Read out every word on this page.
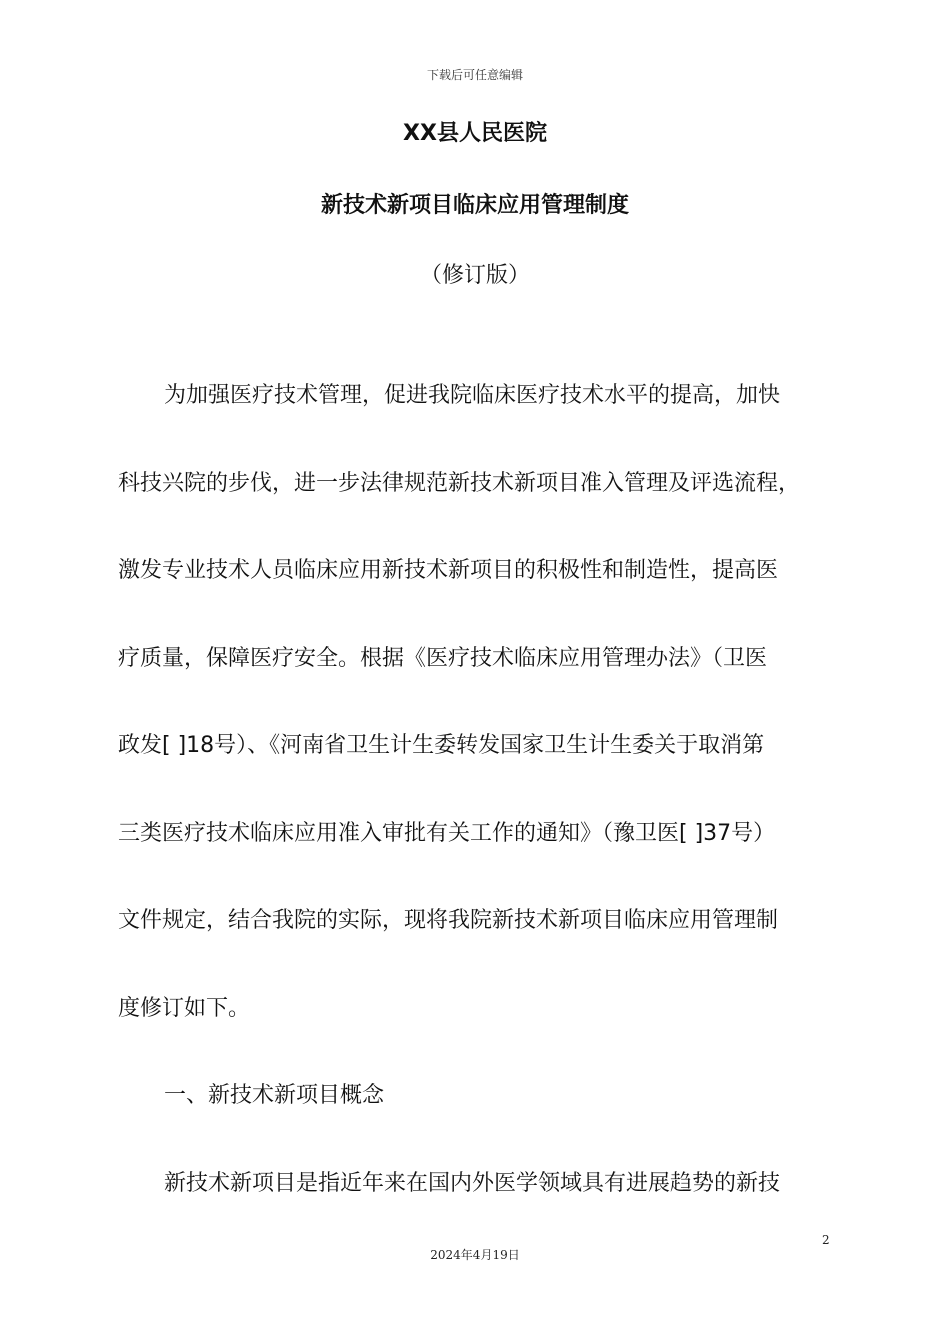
下载后可任意编辑
XX县人民医院
新技术新项目临床应用管理制度
（修订版）
为加强医疗技术管理，促进我院临床医疗技术水平的提高，加快
科技兴院的步伐，进一步法律规范新技术新项目准入管理及评选流程，
激发专业技术人员临床应用新技术新项目的积极性和制造性，提高医
疗质量，保障医疗安全。根据《医疗技术临床应用管理办法》（卫医
政发[ ]18号）、《河南省卫生计生委转发国家卫生计生委关于取消第
三类医疗技术临床应用准入审批有关工作的通知》（豫卫医[ ]37号）
文件规定，结合我院的实际，现将我院新技术新项目临床应用管理制
度修订如下。
一、新技术新项目概念
新技术新项目是指近年来在国内外医学领域具有进展趋势的新技
2
2024年4月19日
